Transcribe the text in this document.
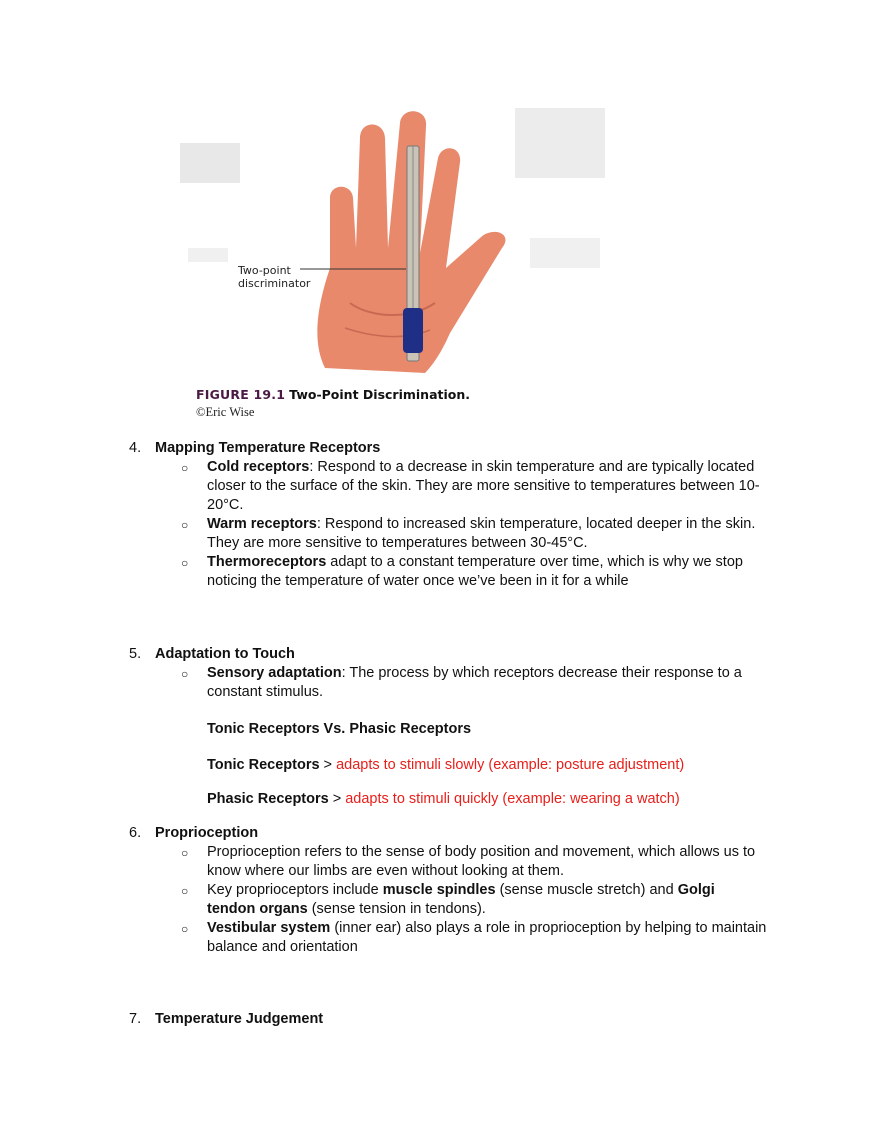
Two-point
discriminator
FIGURE 19.1 Two-Point Discrimination.
©Eric Wise
4. Mapping Temperature Receptors
○ Cold receptors: Respond to a decrease in skin temperature and are typically located closer to the surface of the skin. They are more sensitive to temperatures between 10-20°C.
○ Warm receptors: Respond to increased skin temperature, located deeper in the skin. They are more sensitive to temperatures between 30-45°C.
○ Thermoreceptors adapt to a constant temperature over time, which is why we stop noticing the temperature of water once we’ve been in it for a while
5. Adaptation to Touch
○ Sensory adaptation: The process by which receptors decrease their response to a constant stimulus.
Tonic Receptors Vs. Phasic Receptors
Tonic Receptors > adapts to stimuli slowly (example: posture adjustment)
Phasic Receptors > adapts to stimuli quickly (example: wearing a watch)
6. Proprioception
○ Proprioception refers to the sense of body position and movement, which allows us to know where our limbs are even without looking at them.
○ Key proprioceptors include muscle spindles (sense muscle stretch) and Golgi tendon organs (sense tension in tendons).
○ Vestibular system (inner ear) also plays a role in proprioception by helping to maintain balance and orientation
7. Temperature Judgement
